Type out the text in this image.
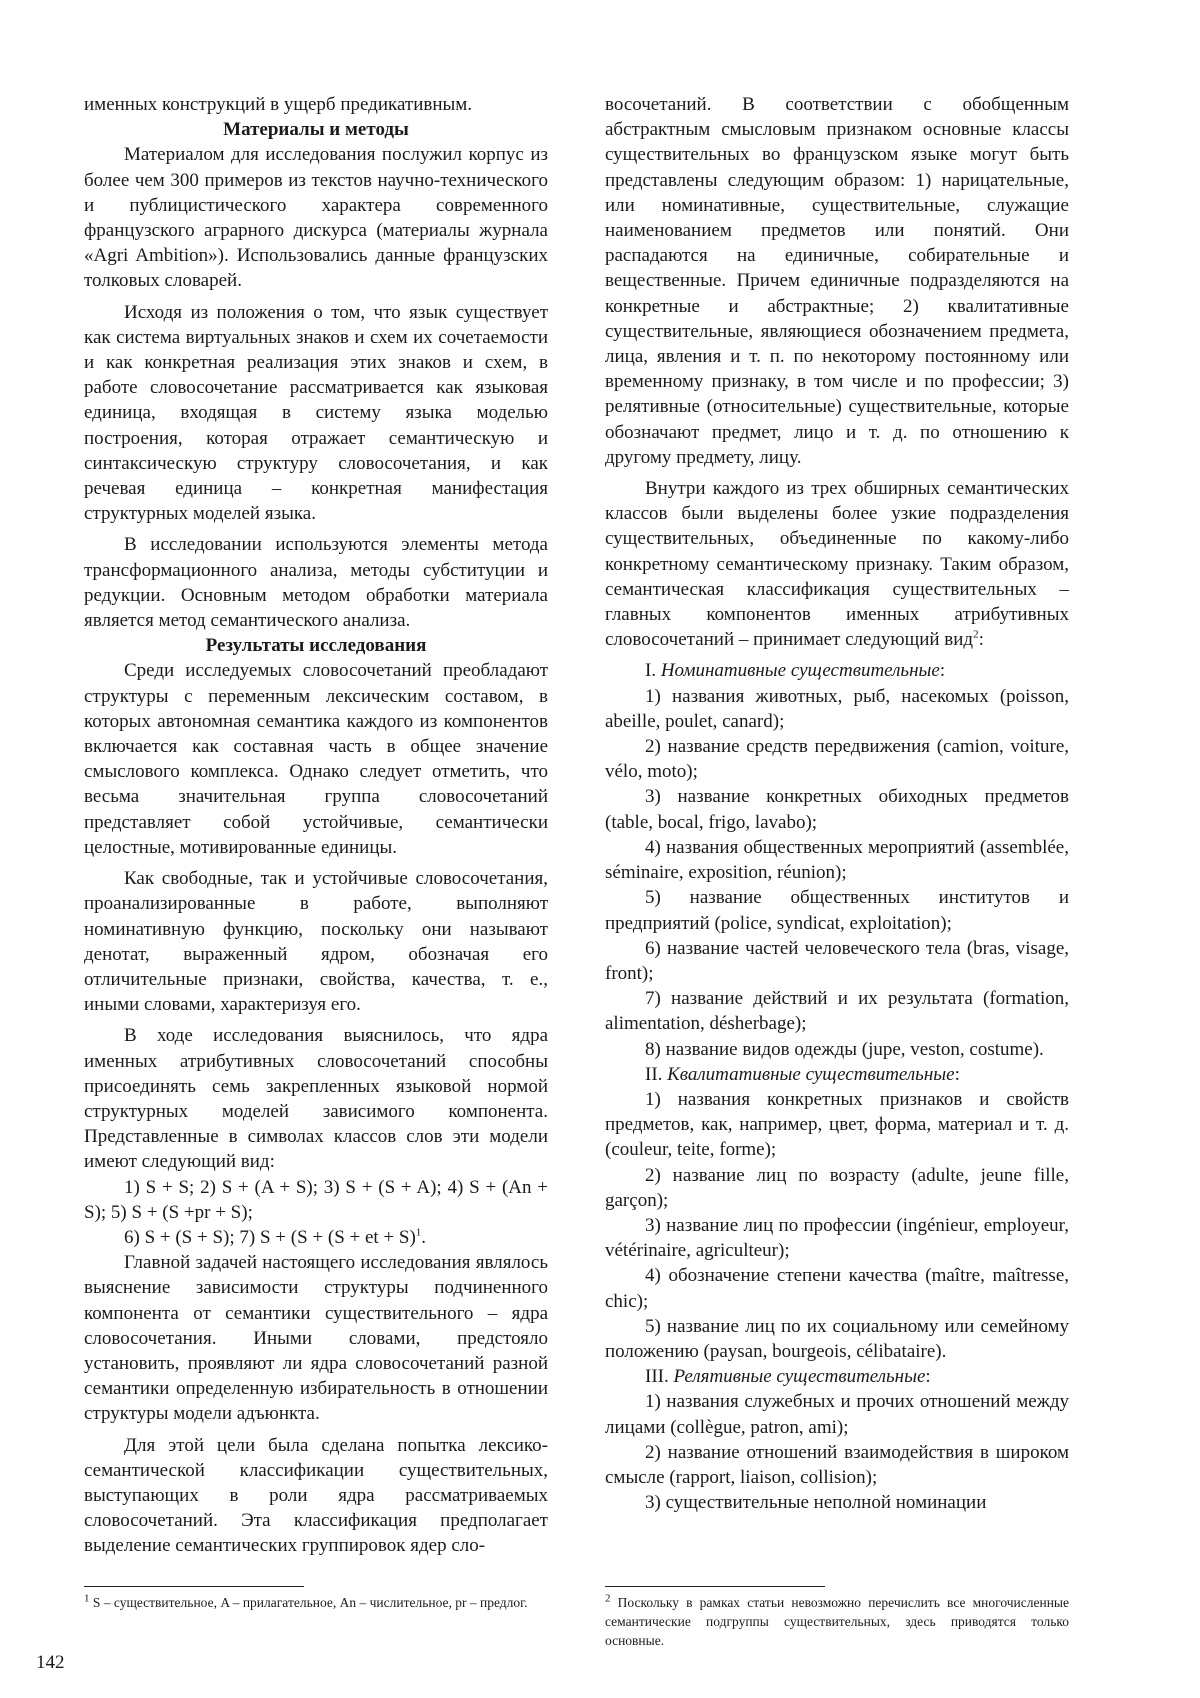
именных конструкций в ущерб предикативным.

Материалы и методы

Материалом для исследования послужил корпус из более чем 300 примеров из текстов научно-технического и публицистического характера современного французского аграрного дискурса (материалы журнала «Agri Ambition»). Использовались данные французских толковых словарей.

Исходя из положения о том, что язык существует как система виртуальных знаков и схем их сочетаемости и как конкретная реализация этих знаков и схем, в работе словосочетание рассматривается как языковая единица, входящая в систему языка моделью построения, которая отражает семантическую и синтаксическую структуру словосочетания, и как речевая единица – конкретная манифестация структурных моделей языка.

В исследовании используются элементы метода трансформационного анализа, методы субституции и редукции. Основным методом обработки материала является метод семантического анализа.

Результаты исследования

Среди исследуемых словосочетаний преобладают структуры с переменным лексическим составом, в которых автономная семантика каждого из компонентов включается как составная часть в общее значение смыслового комплекса. Однако следует отметить, что весьма значительная группа словосочетаний представляет собой устойчивые, семантически целостные, мотивированные единицы.

Как свободные, так и устойчивые словосочетания, проанализированные в работе, выполняют номинативную функцию, поскольку они называют денотат, выраженный ядром, обозначая его отличительные признаки, свойства, качества, т. е., иными словами, характеризуя его.

В ходе исследования выяснилось, что ядра именных атрибутивных словосочетаний способны присоединять семь закрепленных языковой нормой структурных моделей зависимого компонента. Представленные в символах классов слов эти модели имеют следующий вид:

1) S + S; 2) S + (A + S); 3) S + (S + A); 4) S + (An + S); 5) S + (S +pr + S);

6) S + (S + S); 7) S + (S + (S + et + S)$^1$.

Главной задачей настоящего исследования являлось выяснение зависимости структуры подчиненного компонента от семантики существительного – ядра словосочетания. Иными словами, предстояло установить, проявляют ли ядра словосочетаний разной семантики определенную избирательность в отношении структуры модели адъюнкта.

Для этой цели была сделана попытка лексико-семантической классификации существительных, выступающих в роли ядра рассматриваемых словосочетаний. Эта классификация предполагает выделение семантических группировок ядер сло-

восочетаний. В соответствии с обобщенным абстрактным смысловым признаком основные классы существительных во французском языке могут быть представлены следующим образом: 1) нарицательные, или номинативные, существительные, служащие наименованием предметов или понятий. Они распадаются на единичные, собирательные и вещественные. Причем единичные подразделяются на конкретные и абстрактные; 2) квалитативные существительные, являющиеся обозначением предмета, лица, явления и т. п. по некоторому постоянному или временному признаку, в том числе и по профессии; 3) релятивные (относительные) существительные, которые обозначают предмет, лицо и т. д. по отношению к другому предмету, лицу.

Внутри каждого из трех обширных семантических классов были выделены более узкие подразделения существительных, объединенные по какому-либо конкретному семантическому признаку. Таким образом, семантическая классификация существительных – главных компонентов именных атрибутивных словосочетаний – принимает следующий вид$^2$:

I. Номинативные существительные:

1) названия животных, рыб, насекомых (poisson, abeille, poulet, canard);

2) название средств передвижения (camion, voiture, vélo, moto);

3) название конкретных обиходных предметов (table, bocal, frigo, lavabo);

4) названия общественных мероприятий (assemblée, séminaire, exposition, réunion);

5) название общественных институтов и предприятий (police, syndicat, exploitation);

6) название частей человеческого тела (bras, visage, front);

7) название действий и их результата (formation, alimentation, désherbage);

8) название видов одежды (jupe, veston, costume).

II. Квалитативные существительные:

1) названия конкретных признаков и свойств предметов, как, например, цвет, форма, материал и т. д. (couleur, teite, forme);

2) название лиц по возрасту (adulte, jeune fille, garçon);

3) название лиц по профессии (ingénieur, employeur, vétérinaire, agriculteur);

4) обозначение степени качества (maître, maîtresse, chic);

5) название лиц по их социальному или семейному положению (paysan, bourgeois, célibataire).

III. Релятивные существительные:

1) названия служебных и прочих отношений между лицами (collègue, patron, ami);

2) название отношений взаимодействия в широком смысле (rapport, liaison, collision);

3) существительные неполной номинации

$^1$ S – существительное, A – прилагательное, An – числительное, pr – предлог.	$^2$ Поскольку в рамках статьи невозможно перечислить все многочисленные семантические подгруппы существительных, здесь приводятся только основные.
142
